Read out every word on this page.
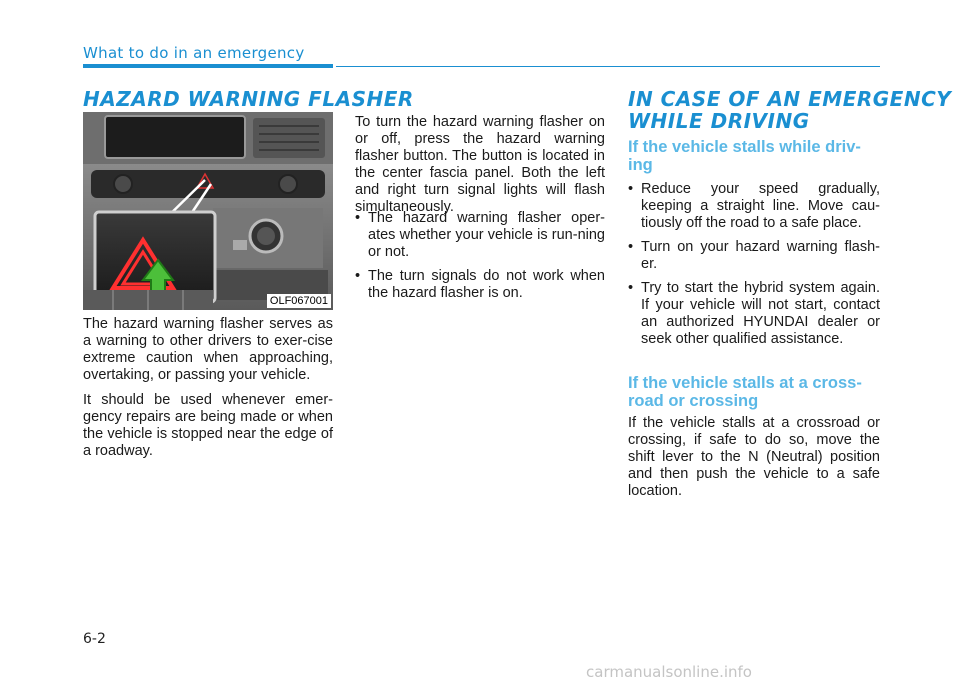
What to do in an emergency
HAZARD WARNING FLASHER
OLF067001

The hazard warning flasher serves as a warning to other drivers to exer-cise extreme caution when approaching, overtaking, or passing your vehicle.

It should be used whenever emer-gency repairs are being made or when the vehicle is stopped near the edge of a roadway.

To turn the hazard warning flasher on or off, press the hazard warning flasher button. The button is located in the center fascia panel. Both the left and right turn signal lights will flash simultaneously.

• The hazard warning flasher oper-ates whether your vehicle is run-ning or not.
• The turn signals do not work when the hazard flasher is on.
IN CASE OF AN EMERGENCY
WHILE DRIVING
If the vehicle stalls while driv-ing
• Reduce your speed gradually, keeping a straight line. Move cau-tiously off the road to a safe place.
• Turn on your hazard warning flash-er.
• Try to start the hybrid system again. If your vehicle will not start, contact an authorized HYUNDAI dealer or seek other qualified assistance.
If the vehicle stalls at a cross-road or crossing

If the vehicle stalls at a crossroad or crossing, if safe to do so, move the shift lever to the N (Neutral) position and then push the vehicle to a safe location.

6-2
carmanualsonline.info
